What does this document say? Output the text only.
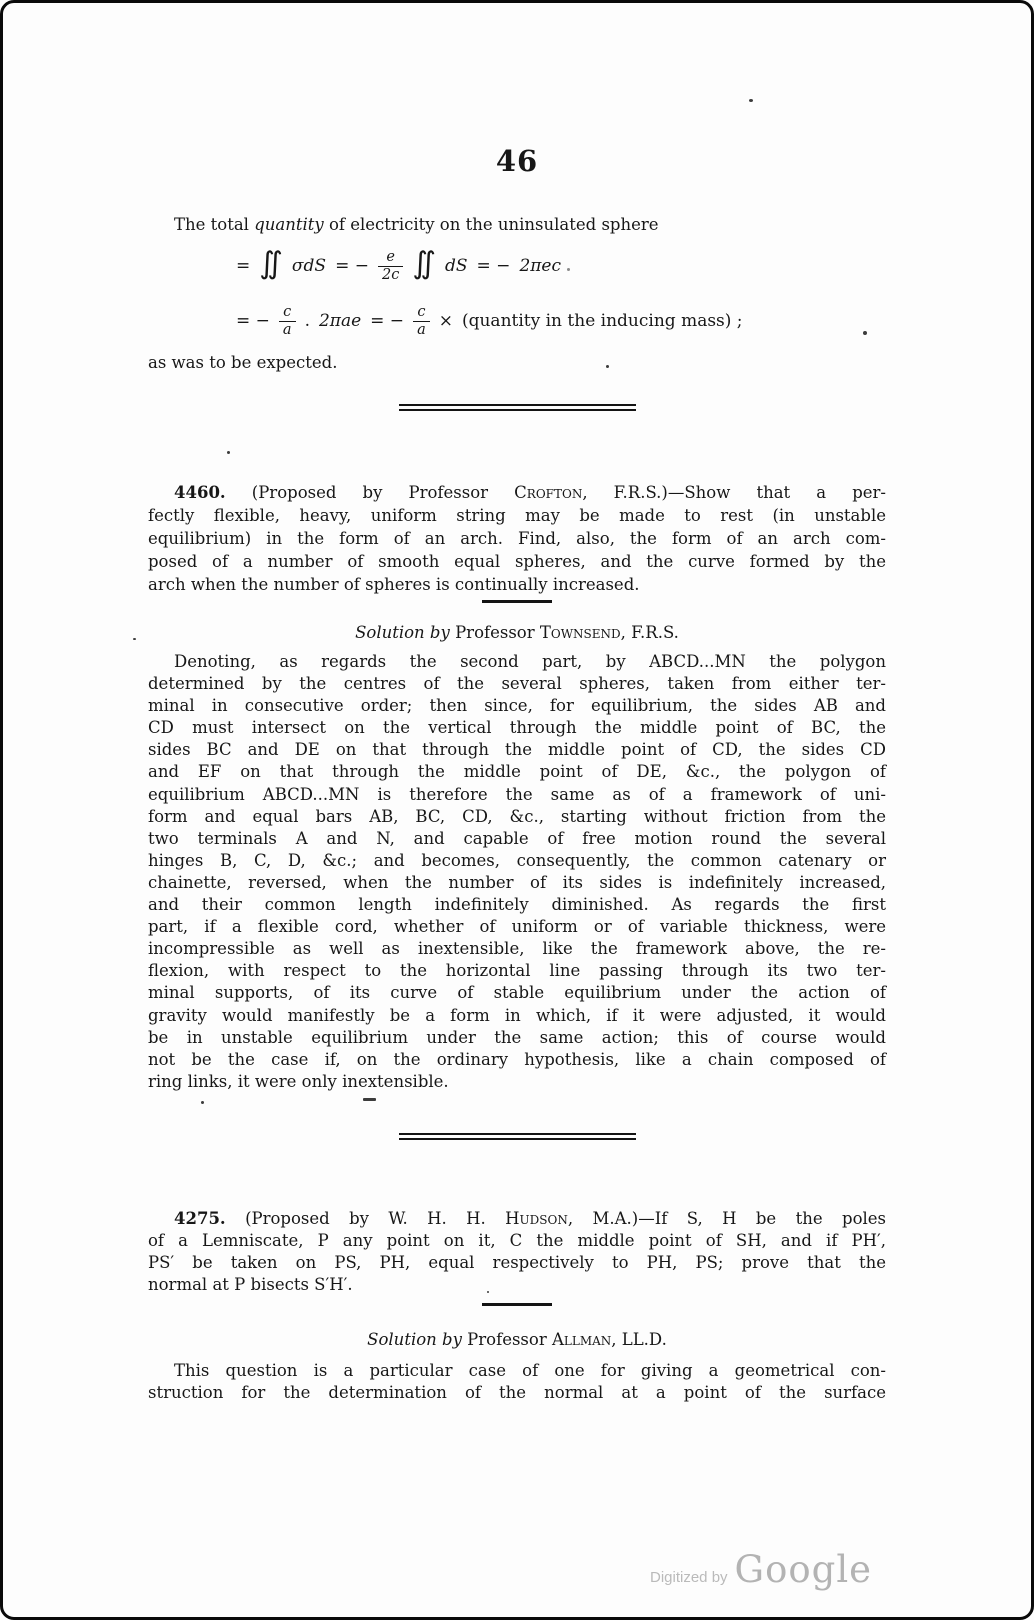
46
The total quantity of electricity on the uninsulated sphere
= ∬ σdS = − $\frac{e}{2c}$ ∬ dS = − 2πec
= − $\frac{c}{a}$ . 2πae = − $\frac{c}{a}$ × (quantity in the inducing mass) ;
as was to be expected.
4460. (Proposed by Professor Crofton, F.R.S.)—Show that a per-
fectly flexible, heavy, uniform string may be made to rest (in unstable
equilibrium) in the form of an arch. Find, also, the form of an arch com-
posed of a number of smooth equal spheres, and the curve formed by the
arch when the number of spheres is continually increased.
Solution by Professor Townsend, F.R.S.
Denoting, as regards the second part, by ABCD...MN the polygon
determined by the centres of the several spheres, taken from either ter-
minal in consecutive order; then since, for equilibrium, the sides AB and
CD must intersect on the vertical through the middle point of BC, the
sides BC and DE on that through the middle point of CD, the sides CD
and EF on that through the middle point of DE, &c., the polygon of
equilibrium ABCD...MN is therefore the same as of a framework of uni-
form and equal bars AB, BC, CD, &c., starting without friction from the
two terminals A and N, and capable of free motion round the several
hinges B, C, D, &c.; and becomes, consequently, the common catenary or
chainette, reversed, when the number of its sides is indefinitely increased,
and their common length indefinitely diminished. As regards the first
part, if a flexible cord, whether of uniform or of variable thickness, were
incompressible as well as inextensible, like the framework above, the re-
flexion, with respect to the horizontal line passing through its two ter-
minal supports, of its curve of stable equilibrium under the action of
gravity would manifestly be a form in which, if it were adjusted, it would
be in unstable equilibrium under the same action; this of course would
not be the case if, on the ordinary hypothesis, like a chain composed of
ring links, it were only inextensible.
4275. (Proposed by W. H. H. Hudson, M.A.)—If S, H be the poles
of a Lemniscate, P any point on it, C the middle point of SH, and if PH′,
PS′ be taken on PS, PH, equal respectively to PH, PS; prove that the
normal at P bisects S′H′.
Solution by Professor Allman, LL.D.
This question is a particular case of one for giving a geometrical con-
struction for the determination of the normal at a point of the surface
Digitized by Google
